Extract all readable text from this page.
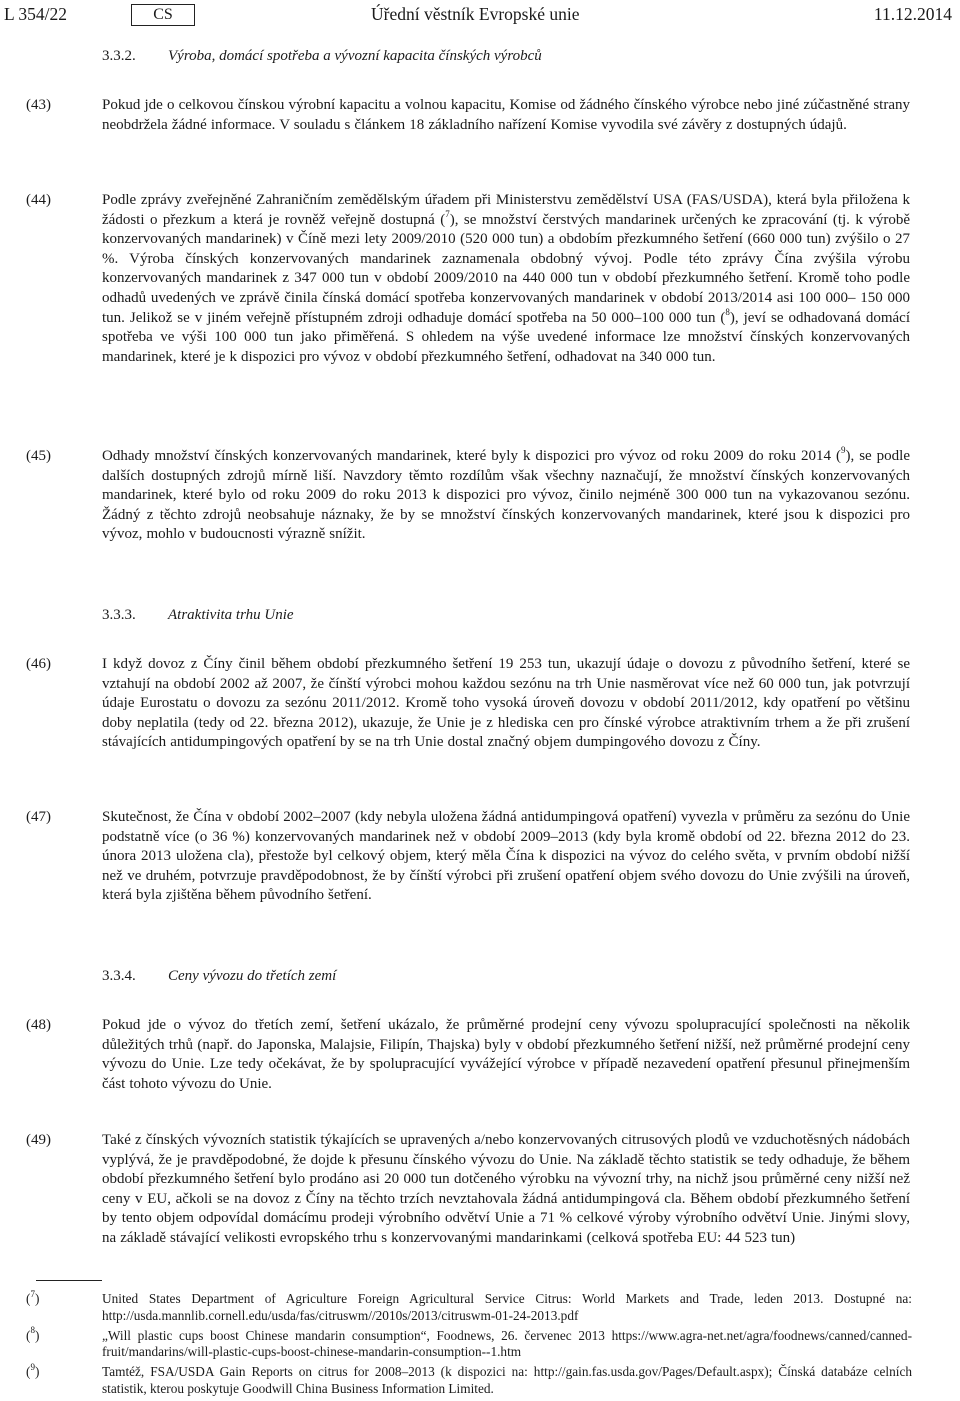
L 354/22	CS	Úřední věstník Evropské unie	11.12.2014
3.3.2. Výroba, domácí spotřeba a vývozní kapacita čínských výrobců
(43)	Pokud jde o celkovou čínskou výrobní kapacitu a volnou kapacitu, Komise od žádného čínského výrobce nebo jiné zúčastněné strany neobdržela žádné informace. V souladu s článkem 18 základního nařízení Komise vyvodila své závěry z dostupných údajů.
(44)	Podle zprávy zveřejněné Zahraničním zemědělským úřadem při Ministerstvu zemědělství USA (FAS/USDA), která byla přiložena k žádosti o přezkum a která je rovněž veřejně dostupná ($^7$), se množství čerstvých mandarinek určených ke zpracování (tj. k výrobě konzervovaných mandarinek) v Číně mezi lety 2009/2010 (520 000 tun) a obdobím přezkumného šetření (660 000 tun) zvýšilo o 27 %. Výroba čínských konzervovaných mandarinek zaznamenala obdobný vývoj. Podle této zprávy Čína zvýšila výrobu konzervovaných mandarinek z 347 000 tun v období 2009/2010 na 440 000 tun v období přezkumného šetření. Kromě toho podle odhadů uvedených ve zprávě činila čínská domácí spotřeba konzervovaných mandarinek v období 2013/2014 asi 100 000– 150 000 tun. Jelikož se v jiném veřejně přístupném zdroji odhaduje domácí spotřeba na 50 000–100 000 tun ($^8$), jeví se odhadovaná domácí spotřeba ve výši 100 000 tun jako přiměřená. S ohledem na výše uvedené informace lze množství čínských konzervovaných mandarinek, které je k dispozici pro vývoz v období přezkumného šetření, odhadovat na 340 000 tun.
(45)	Odhady množství čínských konzervovaných mandarinek, které byly k dispozici pro vývoz od roku 2009 do roku 2014 ($^9$), se podle dalších dostupných zdrojů mírně liší. Navzdory těmto rozdílům však všechny naznačují, že množství čínských konzervovaných mandarinek, které bylo od roku 2009 do roku 2013 k dispozici pro vývoz, činilo nejméně 300 000 tun na vykazovanou sezónu. Žádný z těchto zdrojů neobsahuje náznaky, že by se množství čínských konzervovaných mandarinek, které jsou k dispozici pro vývoz, mohlo v budoucnosti výrazně snížit.
3.3.3. Atraktivita trhu Unie
(46)	I když dovoz z Číny činil během období přezkumného šetření 19 253 tun, ukazují údaje o dovozu z původního šetření, které se vztahují na období 2002 až 2007, že čínští výrobci mohou každou sezónu na trh Unie nasměrovat více než 60 000 tun, jak potvrzují údaje Eurostatu o dovozu za sezónu 2011/2012. Kromě toho vysoká úroveň dovozu v období 2011/2012, kdy opatření po většinu doby neplatila (tedy od 22. března 2012), ukazuje, že Unie je z hlediska cen pro čínské výrobce atraktivním trhem a že při zrušení stávajících antidumpingových opatření by se na trh Unie dostal značný objem dumpingového dovozu z Číny.
(47)	Skutečnost, že Čína v období 2002–2007 (kdy nebyla uložena žádná antidumpingová opatření) vyvezla v průměru za sezónu do Unie podstatně více (o 36 %) konzervovaných mandarinek než v období 2009–2013 (kdy byla kromě období od 22. března 2012 do 23. února 2013 uložena cla), přestože byl celkový objem, který měla Čína k dispozici na vývoz do celého světa, v prvním období nižší než ve druhém, potvrzuje pravděpodobnost, že by čínští výrobci při zrušení opatření objem svého dovozu do Unie zvýšili na úroveň, která byla zjištěna během původního šetření.
3.3.4. Ceny vývozu do třetích zemí
(48)	Pokud jde o vývoz do třetích zemí, šetření ukázalo, že průměrné prodejní ceny vývozu spolupracující společnosti na několik důležitých trhů (např. do Japonska, Malajsie, Filipín, Thajska) byly v období přezkumného šetření nižší, než průměrné prodejní ceny vývozu do Unie. Lze tedy očekávat, že by spolupracující vyvážející výrobce v případě nezavedení opatření přesunul přinejmenším část tohoto vývozu do Unie.
(49)	Také z čínských vývozních statistik týkajících se upravených a/nebo konzervovaných citrusových plodů ve vzduchotěsných nádobách vyplývá, že je pravděpodobné, že dojde k přesunu čínského vývozu do Unie. Na základě těchto statistik se tedy odhaduje, že během období přezkumného šetření bylo prodáno asi 20 000 tun dotčeného výrobku na vývozní trhy, na nichž jsou průměrné ceny nižší než ceny v EU, ačkoli se na dovoz z Číny na těchto trzích nevztahovala žádná antidumpingová cla. Během období přezkumného šetření by tento objem odpovídal domácímu prodeji výrobního odvětví Unie a 71 % celkové výroby výrobního odvětví Unie. Jinými slovy, na základě stávající velikosti evropského trhu s konzervovanými mandarinkami (celková spotřeba EU: 44 523 tun)
($^7$)	United States Department of Agriculture Foreign Agricultural Service Citrus: World Markets and Trade, leden 2013. Dostupné na: http://usda.mannlib.cornell.edu/usda/fas/citruswm//2010s/2013/citruswm-01-24-2013.pdf
($^8$)	„Will plastic cups boost Chinese mandarin consumption“, Foodnews, 26. červenec 2013 https://www.agra-net.net/agra/foodnews/canned/canned-fruit/mandarins/will-plastic-cups-boost-chinese-mandarin-consumption--1.htm
($^9$)	Tamtéž, FSA/USDA Gain Reports on citrus for 2008–2013 (k dispozici na: http://gain.fas.usda.gov/Pages/Default.aspx); Čínská databáze celních statistik, kterou poskytuje Goodwill China Business Information Limited.
